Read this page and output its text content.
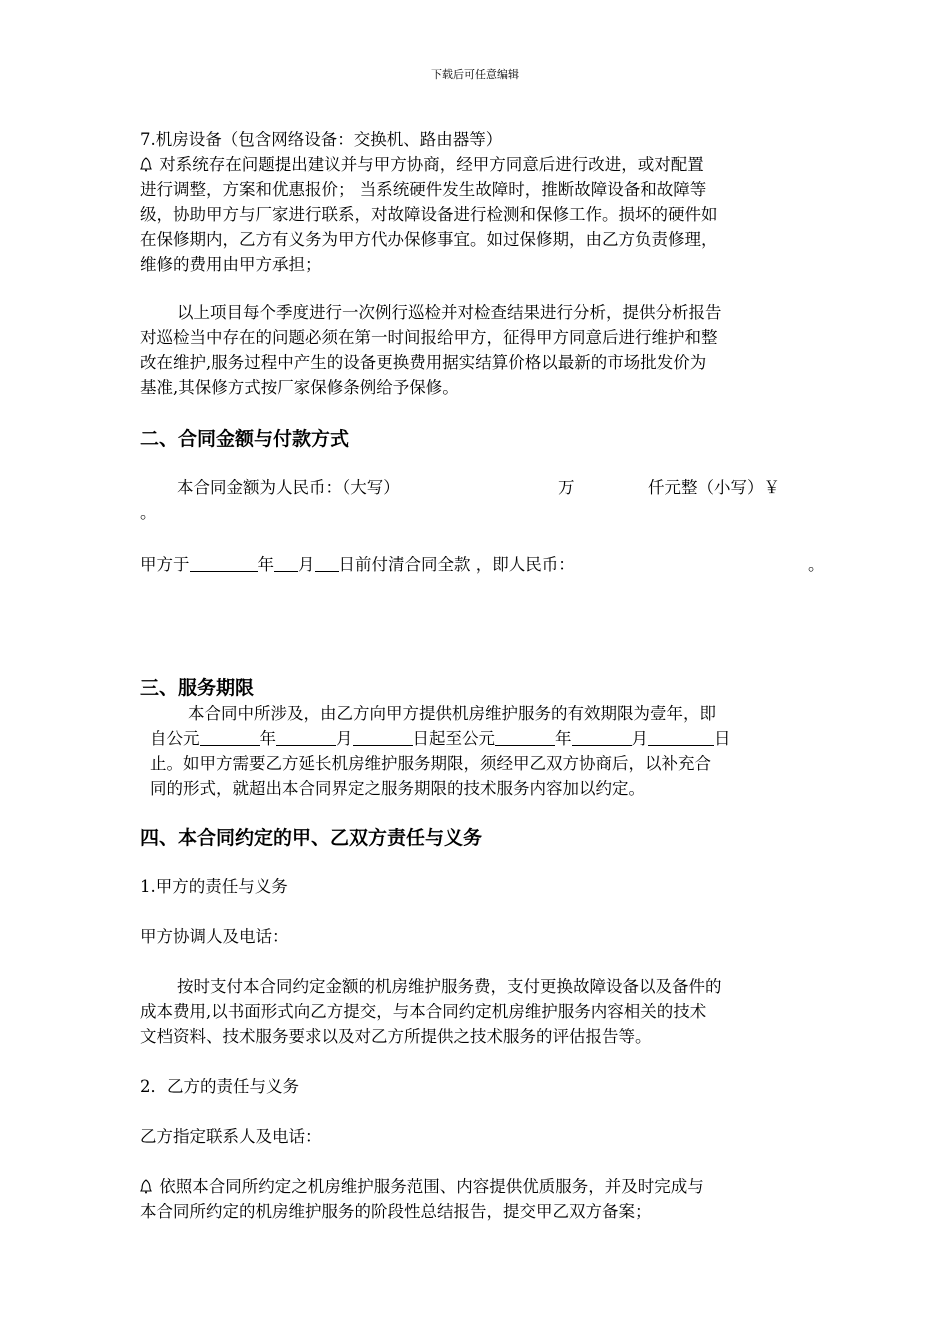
下载后可任意编辑
7.机房设备（包含网络设备：交换机、路由器等）
对系统存在问题提出建议并与甲方协商，经甲方同意后进行改进，或对配置
进行调整，方案和优惠报价； 当系统硬件发生故障时，推断故障设备和故障等
级，协助甲方与厂家进行联系，对故障设备进行检测和保修工作。损坏的硬件如
在保修期内，乙方有义务为甲方代办保修事宜。如过保修期，由乙方负责修理，
维修的费用由甲方承担；
以上项目每个季度进行一次例行巡检并对检查结果进行分析，提供分析报告
对巡检当中存在的问题必须在第一时间报给甲方，征得甲方同意后进行维护和整
改在维护,服务过程中产生的设备更换费用据实结算价格以最新的市场批发价为
基准,其保修方式按厂家保修条例给予保修。
二、合同金额与付款方式
本合同金额为人民币：（大写）	万	仟元整（小写）￥
。
甲方于	年 月 日前付清合同全款 ，即人民币：	。
三、服务期限
本合同中所涉及，由乙方向甲方提供机房维护服务的有效期限为壹年，即
自公元	年	月	日起至公元	年	月	日
止。如甲方需要乙方延长机房维护服务期限，须经甲乙双方协商后，以补充合
同的形式，就超出本合同界定之服务期限的技术服务内容加以约定。
四、本合同约定的甲、乙双方责任与义务
1.甲方的责任与义务
甲方协调人及电话：
按时支付本合同约定金额的机房维护服务费，支付更换故障设备以及备件的
成本费用,以书面形式向乙方提交，与本合同约定机房维护服务内容相关的技术
文档资料、技术服务要求以及对乙方所提供之技术服务的评估报告等。
2．乙方的责任与义务
乙方指定联系人及电话：
依照本合同所约定之机房维护服务范围、内容提供优质服务，并及时完成与
本合同所约定的机房维护服务的阶段性总结报告，提交甲乙双方备案；
